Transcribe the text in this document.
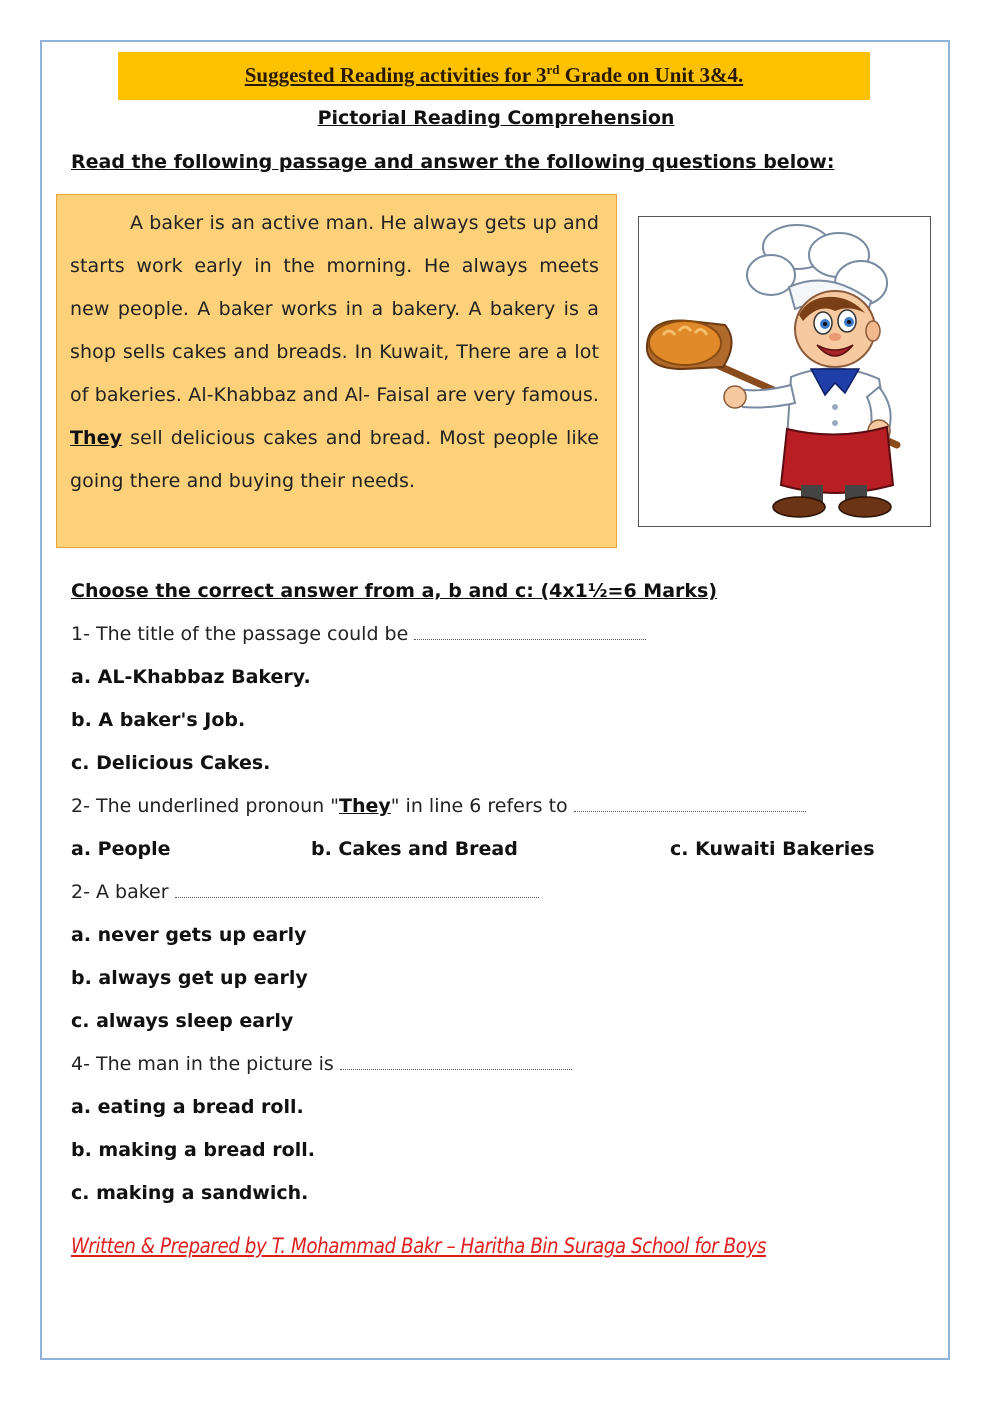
Suggested Reading activities for 3rd Grade on Unit 3&4.
Pictorial Reading Comprehension
Read the following passage and answer the following questions below:

A baker is an active man. He always gets up and starts work early in the morning. He always meets new people. A baker works in a bakery. A bakery is a shop sells cakes and breads. In Kuwait, There are a lot of bakeries. Al-Khabbaz and Al- Faisal are very famous. They sell delicious cakes and bread. Most people like going there and buying their needs.

Choose the correct answer from a, b and c: (4x1½=6 Marks)
1- The title of the passage could be
a. AL-Khabbaz Bakery.
b. A baker's Job.
c. Delicious Cakes.
2- The underlined pronoun "They" in line 6 refers to
a. People	b. Cakes and Bread	c. Kuwaiti Bakeries
2- A baker
a. never gets up early
b. always get up early
c. always sleep early
4- The man in the picture is
a. eating a bread roll.
b. making a bread roll.
c. making a sandwich.
Written & Prepared by T. Mohammad Bakr – Haritha Bin Suraga School for Boys
